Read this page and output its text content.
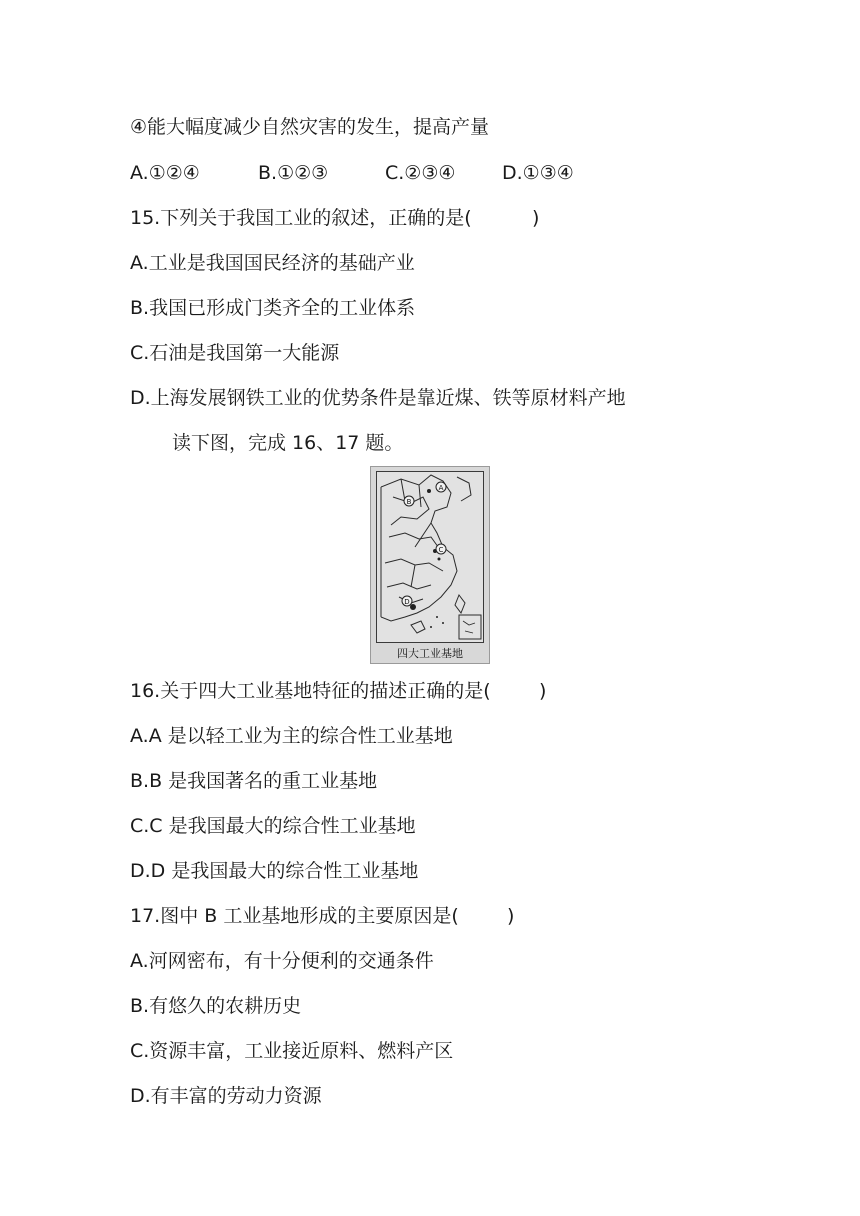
④能大幅度减少自然灾害的发生，提高产量
A.①②④	B.①②③	C.②③④ D.①③④
15.下列关于我国工业的叙述，正确的是(          )
A.工业是我国国民经济的基础产业
B.我国已形成门类齐全的工业体系
C.石油是我国第一大能源
D.上海发展钢铁工业的优势条件是靠近煤、铁等原材料产地
读下图，完成 16、17 题。
A
B
C
D
四大工业基地
16.关于四大工业基地特征的描述正确的是(        )
A.A 是以轻工业为主的综合性工业基地
B.B 是我国著名的重工业基地
C.C 是我国最大的综合性工业基地
D.D 是我国最大的综合性工业基地
17.图中 B 工业基地形成的主要原因是(        )
A.河网密布，有十分便利的交通条件
B.有悠久的农耕历史
C.资源丰富，工业接近原料、燃料产区
D.有丰富的劳动力资源
